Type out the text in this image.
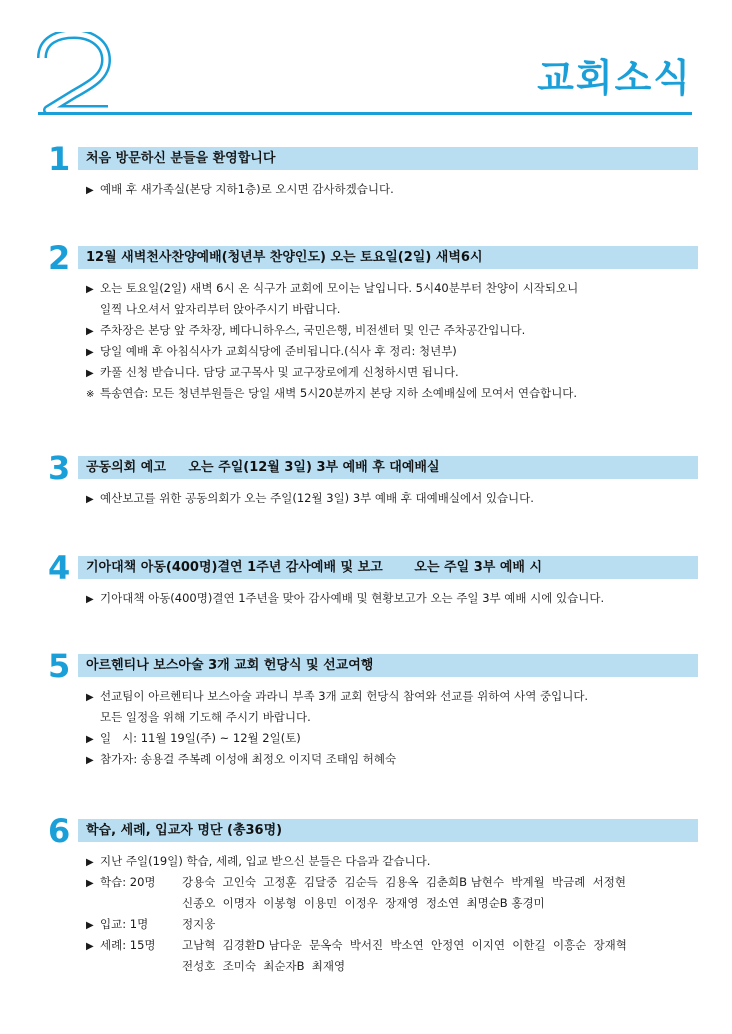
2
교회소식
1 처음 방문하신 분들을 환영합니다
▶ 예배 후 새가족실(본당 지하1층)로 오시면 감사하겠습니다.
2 12월 새벽천사찬양예배(청년부 찬양인도) 오는 토요일(2일) 새벽6시
▶ 오는 토요일(2일) 새벽 6시 온 식구가 교회에 모이는 날입니다. 5시40분부터 찬양이 시작되오니
일찍 나오셔서 앞자리부터 앉아주시기 바랍니다.
▶ 주차장은 본당 앞 주차장, 베다니하우스, 국민은행, 비전센터 및 인근 주차공간입니다.
▶ 당일 예배 후 아침식사가 교회식당에 준비됩니다.(식사 후 정리: 청년부)
▶ 카풀 신청 받습니다. 담당 교구목사 및 교구장로에게 신청하시면 됩니다.
※ 특송연습: 모든 청년부원들은 당일 새벽 5시20분까지 본당 지하 소예배실에 모여서 연습합니다.
3 공동의회 예고     오는 주일(12월 3일) 3부 예배 후 대예배실
▶ 예산보고를 위한 공동의회가 오는 주일(12월 3일) 3부 예배 후 대예배실에서 있습니다.
4 기아대책 아동(400명)결연 1주년 감사예배 및 보고       오는 주일 3부 예배 시
▶ 기아대책 아동(400명)결연 1주년을 맞아 감사예배 및 현황보고가 오는 주일 3부 예배 시에 있습니다.
5 아르헨티나 보스아술 3개 교회 헌당식 및 선교여행
▶ 선교팀이 아르헨티나 보스아술 과라니 부족 3개 교회 헌당식 참여와 선교를 위하여 사역 중입니다.
모든 일정을 위해 기도해 주시기 바랍니다.
▶ 일   시: 11월 19일(주) ~ 12월 2일(토)
▶ 참가자: 송용걸 주복례 이성애 최정오 이지덕 조태임 허혜숙
6 학습, 세례, 입교자 명단 (총36명)
▶ 지난 주일(19일) 학습, 세례, 입교 받으신 분들은 다음과 같습니다.
▶ 학습: 20명	강용숙  고인숙  고정훈  김달중  김순득  김용옥  김춘희B 남현수  박계월  박금례  서정현
신종오  이명자  이봉형  이용민  이정우  장재영  정소연  최명순B 홍경미
▶ 입교: 1명	정지웅
▶ 세례: 15명	고남혁  김경환D 남다운  문옥숙  박서진  박소연  안정연  이지연  이한길  이흥순  장재혁
전성호  조미숙  최순자B  최재영
